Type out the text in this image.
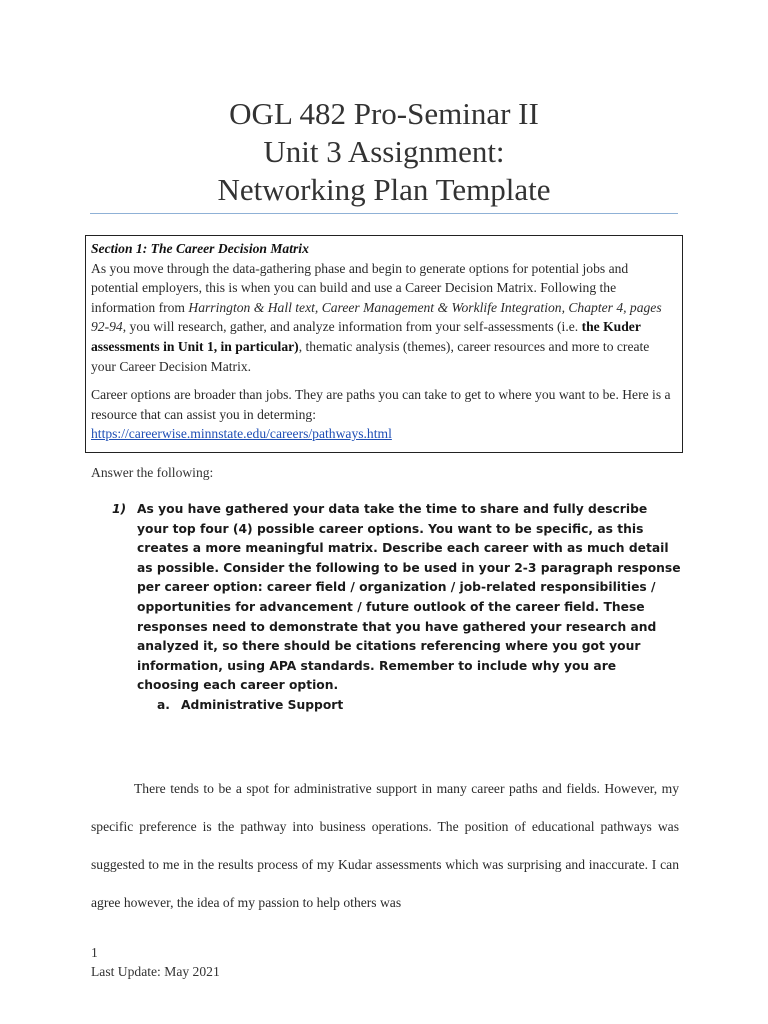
OGL 482 Pro-Seminar II
Unit 3 Assignment:
Networking Plan Template
Section 1: The Career Decision Matrix

As you move through the data-gathering phase and begin to generate options for potential jobs and potential employers, this is when you can build and use a Career Decision Matrix. Following the information from Harrington & Hall text, Career Management & Worklife Integration, Chapter 4, pages 92-94, you will research, gather, and analyze information from your self-assessments (i.e. the Kuder assessments in Unit 1, in particular), thematic analysis (themes), career resources and more to create your Career Decision Matrix.

Career options are broader than jobs. They are paths you can take to get to where you want to be. Here is a resource that can assist you in determing:
https://careerwise.minnstate.edu/careers/pathways.html

Answer the following:
1) As you have gathered your data take the time to share and fully describe your top four (4) possible career options. You want to be specific, as this creates a more meaningful matrix. Describe each career with as much detail as possible. Consider the following to be used in your 2-3 paragraph response per career option: career field / organization / job-related responsibilities / opportunities for advancement / future outlook of the career field. These responses need to demonstrate that you have gathered your research and analyzed it, so there should be citations referencing where you got your information, using APA standards. Remember to include why you are choosing each career option.
a. Administrative Support

There tends to be a spot for administrative support in many career paths and fields. However, my specific preference is the pathway into business operations. The position of educational pathways was suggested to me in the results process of my Kudar assessments which was surprising and inaccurate. I can agree however, the idea of my passion to help others was

1
Last Update: May 2021
